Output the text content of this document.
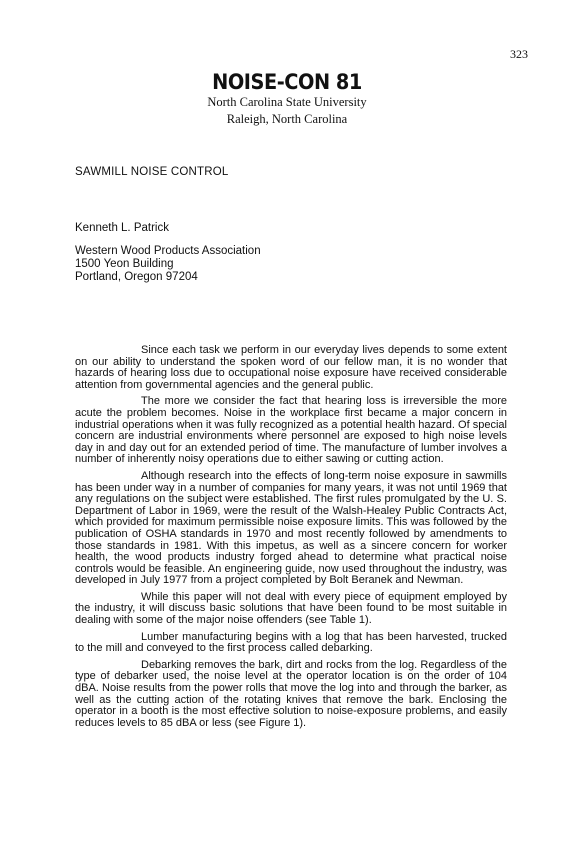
323
NOISE-CON 81
North Carolina State University
Raleigh, North Carolina
SAWMILL NOISE CONTROL
Kenneth L. Patrick
Western Wood Products Association
1500 Yeon Building
Portland, Oregon 97204

Since each task we perform in our everyday lives depends to some extent on our ability to understand the spoken word of our fellow man, it is no wonder that hazards of hearing loss due to occupational noise exposure have received considerable attention from governmental agencies and the general public.

The more we consider the fact that hearing loss is irreversible the more acute the problem becomes. Noise in the workplace first became a major concern in industrial operations when it was fully recognized as a potential health hazard. Of special concern are industrial environments where personnel are exposed to high noise levels day in and day out for an extended period of time. The manufacture of lumber involves a number of inherently noisy operations due to either sawing or cutting action.

Although research into the effects of long-term noise exposure in sawmills has been under way in a number of companies for many years, it was not until 1969 that any regulations on the subject were established. The first rules promulgated by the U. S. Department of Labor in 1969, were the result of the Walsh-Healey Public Contracts Act, which provided for maximum permissible noise exposure limits. This was followed by the publication of OSHA standards in 1970 and most recently followed by amendments to those standards in 1981. With this impetus, as well as a sincere concern for worker health, the wood products industry forged ahead to determine what practical noise controls would be feasible. An engineering guide, now used throughout the industry, was developed in July 1977 from a project completed by Bolt Beranek and Newman.

While this paper will not deal with every piece of equipment employed by the industry, it will discuss basic solutions that have been found to be most suitable in dealing with some of the major noise offenders (see Table 1).

Lumber manufacturing begins with a log that has been harvested, trucked to the mill and conveyed to the first process called debarking.

Debarking removes the bark, dirt and rocks from the log. Regardless of the type of debarker used, the noise level at the operator location is on the order of 104 dBA. Noise results from the power rolls that move the log into and through the barker, as well as the cutting action of the rotating knives that remove the bark. Enclosing the operator in a booth is the most effective solution to noise-exposure problems, and easily reduces levels to 85 dBA or less (see Figure 1).
